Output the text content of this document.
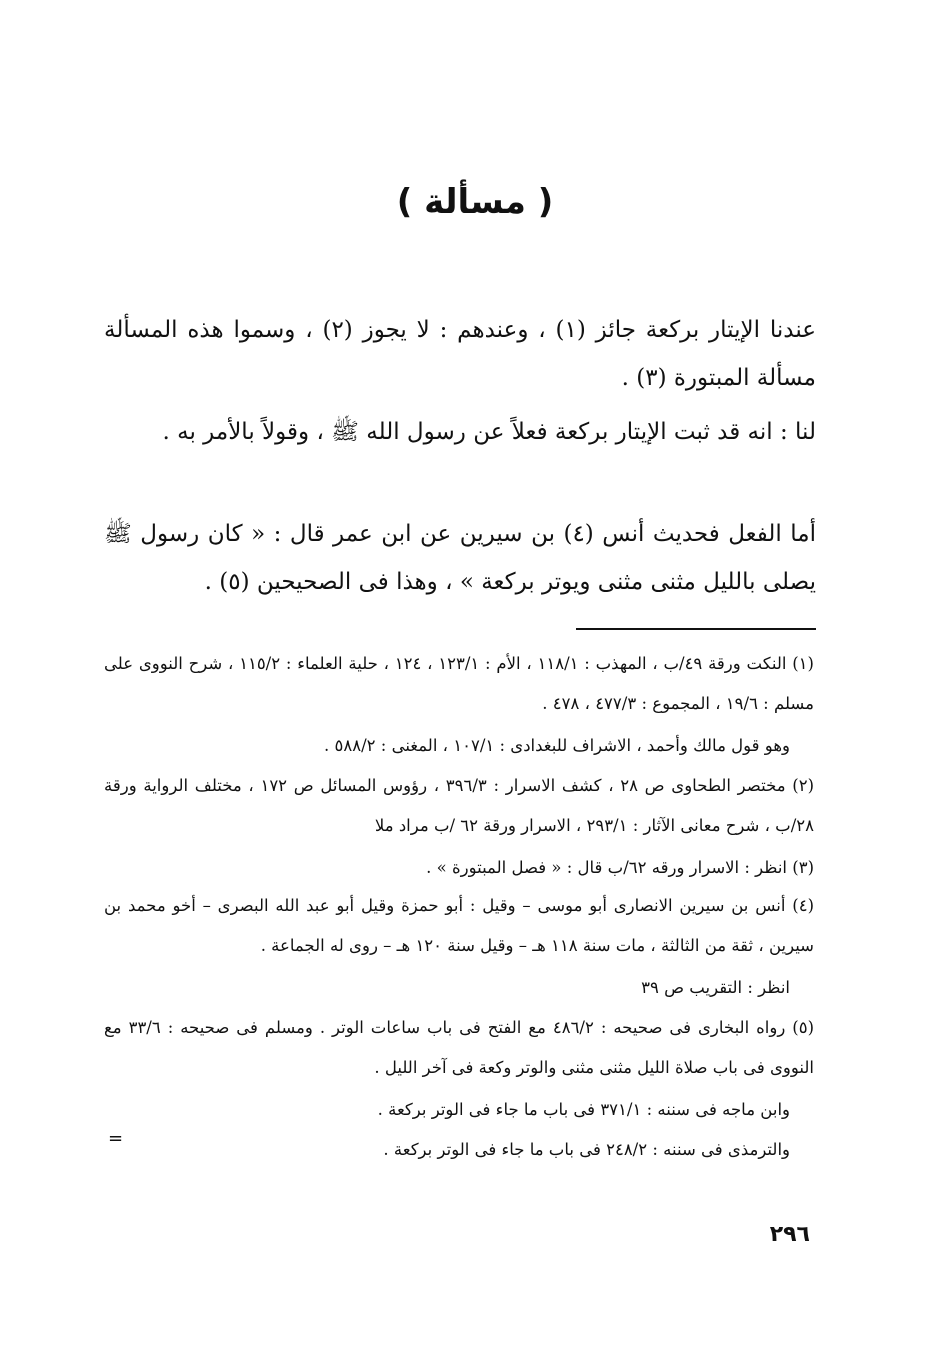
( مسألة )
عندنا الإيتار بركعة جائز (١) ، وعندهم : لا يجوز (٢) ، وسموا هذه المسألة مسألة المبتورة (٣) .
لنا : انه قد ثبت الإيتار بركعة فعلاً عن رسول الله ﷺ ، وقولاً بالأمر به .
أما الفعل فحديث أنس (٤) بن سيرين عن ابن عمر قال : « كان رسول ﷺ يصلى بالليل مثنى مثنى ويوتر بركعة » ، وهذا فى الصحيحين (٥) .
(١) النكت ورقة ٤٩/ب ، المهذب : ١١٨/١ ، الأم : ١٢٣/١ ، ١٢٤ ، حلية العلماء : ١١٥/٢ ، شرح النووى على مسلم : ١٩/٦ ، المجموع : ٤٧٧/٣ ، ٤٧٨ .
وهو قول مالك وأحمد ، الاشراف للبغدادى : ١٠٧/١ ، المغنى : ٥٨٨/٢ .
(٢) مختصر الطحاوى ص ٢٨ ، كشف الاسرار : ٣٩٦/٣ ، رؤوس المسائل ص ١٧٢ ، مختلف الرواية ورقة ٢٨/ب ، شرح معانى الآثار : ٢٩٣/١ ، الاسرار ورقة ٦٢ /ب مراد ملا
(٣) انظر : الاسرار ورقه ٦٢/ب قال : « فصل المبتورة » .
(٤) أنس بن سيرين الانصارى أبو موسى – وقيل : أبو حمزة وقيل أبو عبد الله البصرى – أخو محمد بن سيرين ، ثقة من الثالثة ، مات سنة ١١٨ هـ – وقيل سنة ١٢٠ هـ – روى له الجماعة .
انظر : التقريب ص ٣٩
(٥) رواه البخارى فى صحيحه : ٤٨٦/٢ مع الفتح فى باب ساعات الوتر . ومسلم فى صحيحه : ٣٣/٦ مع النووى فى باب صلاة الليل مثنى مثنى والوتر وكعة فى آخر الليل .
وابن ماجه فى سننه : ٣٧١/١ فى باب ما جاء فى الوتر بركعة .
والترمذى فى سننه : ٢٤٨/٢ فى باب ما جاء فى الوتر بركعة .
=
٢٩٦
